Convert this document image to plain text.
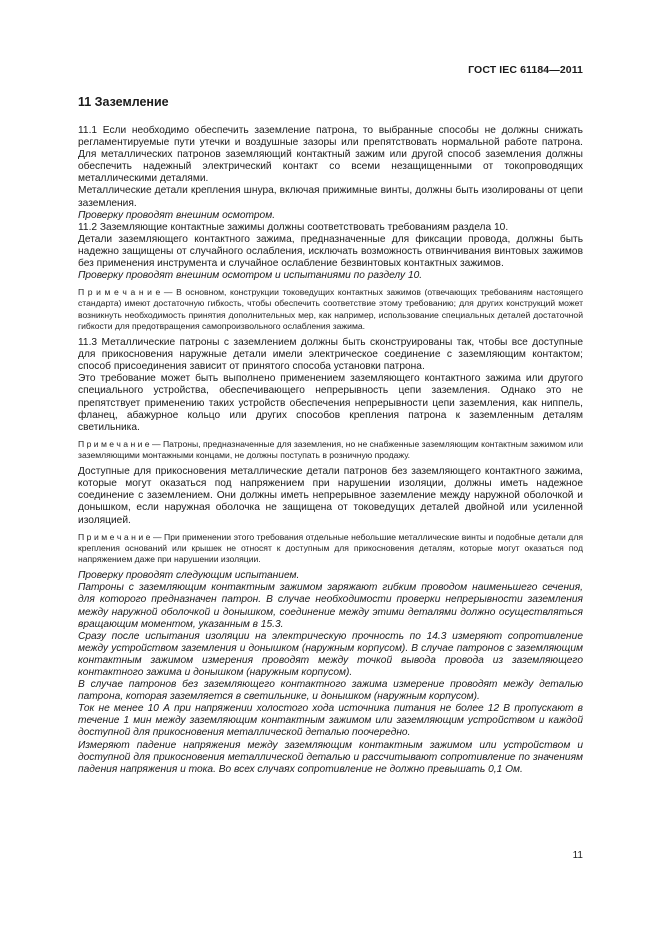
ГОСТ IEC 61184—2011
11 Заземление

11.1 Если необходимо обеспечить заземление патрона, то выбранные способы не должны снижать регламентируемые пути утечки и воздушные зазоры или препятствовать нормальной работе патрона. Для металлических патронов заземляющий контактный зажим или другой способ заземления должны обеспечить надежный электрический контакт со всеми незащищенными от токопроводящих металлическими деталями.

Металлические детали крепления шнура, включая прижимные винты, должны быть изолированы от цепи заземления.

Проверку проводят внешним осмотром.

11.2 Заземляющие контактные зажимы должны соответствовать требованиям раздела 10.

Детали заземляющего контактного зажима, предназначенные для фиксации провода, должны быть надежно защищены от случайного ослабления, исключать возможность отвинчивания винтовых зажимов без применения инструмента и случайное ослабление безвинтовых контактных зажимов.

Проверку проводят внешним осмотром и испытаниями по разделу 10.

П р и м е ч а н и е — В основном, конструкции токоведущих контактных зажимов (отвечающих требованиям настоящего стандарта) имеют достаточную гибкость, чтобы обеспечить соответствие этому требованию; для других конструкций может возникнуть необходимость принятия дополнительных мер, как например, использование специальных деталей достаточной гибкости для предотвращения самопроизвольного ослабления зажима.

11.3 Металлические патроны с заземлением должны быть сконструированы так, чтобы все доступные для прикосновения наружные детали имели электрическое соединение с заземляющим контактом; способ присоединения зависит от принятого способа установки патрона.

Это требование может быть выполнено применением заземляющего контактного зажима или другого специального устройства, обеспечивающего непрерывность цепи заземления. Однако это не препятствует применению таких устройств обеспечения непрерывности цепи заземления, как ниппель, фланец, абажурное кольцо или других способов крепления патрона к заземленным деталям светильника.

П р и м е ч а н и е — Патроны, предназначенные для заземления, но не снабженные заземляющим контактным зажимом или заземляющими монтажными концами, не должны поступать в розничную продажу.

Доступные для прикосновения металлические детали патронов без заземляющего контактного зажима, которые могут оказаться под напряжением при нарушении изоляции, должны иметь надежное соединение с заземлением. Они должны иметь непрерывное заземление между наружной оболочкой и донышком, если наружная оболочка не защищена от токоведущих деталей двойной или усиленной изоляцией.

П р и м е ч а н и е — При применении этого требования отдельные небольшие металлические винты и подобные детали для крепления оснований или крышек не относят к доступным для прикосновения деталям, которые могут оказаться под напряжением даже при нарушении изоляции.

Проверку проводят следующим испытанием.

Патроны с заземляющим контактным зажимом заряжают гибким проводом наименьшего сечения, для которого предназначен патрон. В случае необходимости проверки непрерывности заземления между наружной оболочкой и донышком, соединение между этими деталями должно осуществляться вращающим моментом, указанным в 15.3.

Сразу после испытания изоляции на электрическую прочность по 14.3 измеряют сопротивление между устройством заземления и донышком (наружным корпусом). В случае патронов с заземляющим контактным зажимом измерения проводят между точкой вывода провода из заземляющего контактного зажима и донышком (наружным корпусом).

В случае патронов без заземляющего контактного зажима измерение проводят между деталью патрона, которая заземляется в светильнике, и донышком (наружным корпусом).

Ток не менее 10 А при напряжении холостого хода источника питания не более 12 В пропускают в течение 1 мин между заземляющим контактным зажимом или заземляющим устройством и каждой доступной для прикосновения металлической деталью поочередно.

Измеряют падение напряжения между заземляющим контактным зажимом или устройством и доступной для прикосновения металлической деталью и рассчитывают сопротивление по значениям падения напряжения и тока. Во всех случаях сопротивление не должно превышать 0,1 Ом.

11
